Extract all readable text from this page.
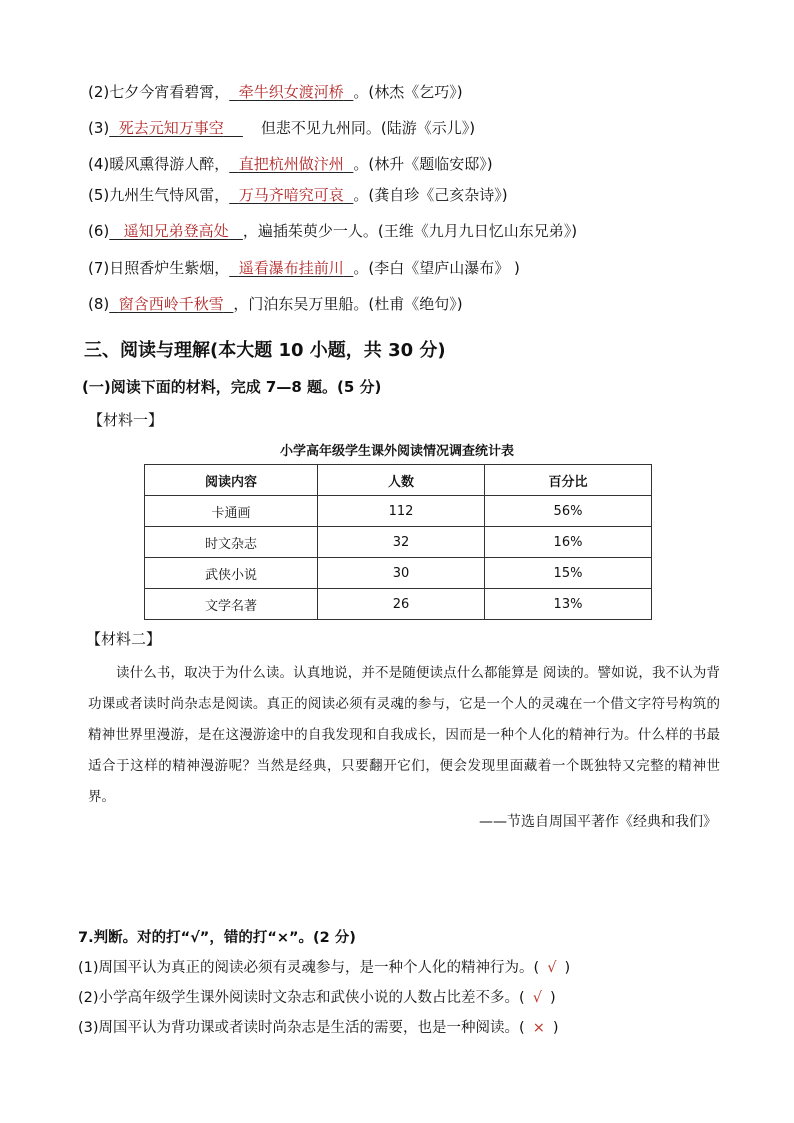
(2)七夕今宵看碧霄， 牵牛织女渡河桥 。(林杰《乞巧》)
(3) 死去元知万事空 但悲不见九州同。(陆游《示儿》)
(4)暖风熏得游人醉， 直把杭州做汴州 。(林升《题临安邸》)
(5)九州生气恃风雷， 万马齐喑究可哀 。(龚自珍《己亥杂诗》)
(6) 遥知兄弟登高处 ，遍插茱萸少一人。(王维《九月九日忆山东兄弟》)
(7)日照香炉生紫烟， 遥看瀑布挂前川 。(李白《望庐山瀑布》 )
(8) 窗含西岭千秋雪 ，门泊东吴万里船。(杜甫《绝句》)
三、阅读与理解(本大题 10 小题，共 30 分)
(一)阅读下面的材料，完成 7—8 题。(5 分)
【材料一】
小学高年级学生课外阅读情况调查统计表
阅读内容	人数	百分比
卡通画	112	56%
时文杂志	32	16%
武侠小说	30	15%
文学名著	26	13%
【材料二】
读什么书，取决于为什么读。认真地说，并不是随便读点什么都能算是 阅读的。譬如说，我不认为背功课或者读时尚杂志是阅读。真正的阅读必须有灵魂的参与，它是一个人的灵魂在一个借文字符号构筑的精神世界里漫游，是在这漫游途中的自我发现和自我成长，因而是一种个人化的精神行为。什么样的书最适合于这样的精神漫游呢？当然是经典，只要翻开它们，便会发现里面藏着一个既独特又完整的精神世界。
——节选自周国平著作《经典和我们》
7.判断。对的打“√”，错的打“×”。(2 分)
(1)周国平认为真正的阅读必须有灵魂参与，是一种个人化的精神行为。( √ )
(2)小学高年级学生课外阅读时文杂志和武侠小说的人数占比差不多。( √ )
(3)周国平认为背功课或者读时尚杂志是生活的需要，也是一种阅读。( × )
